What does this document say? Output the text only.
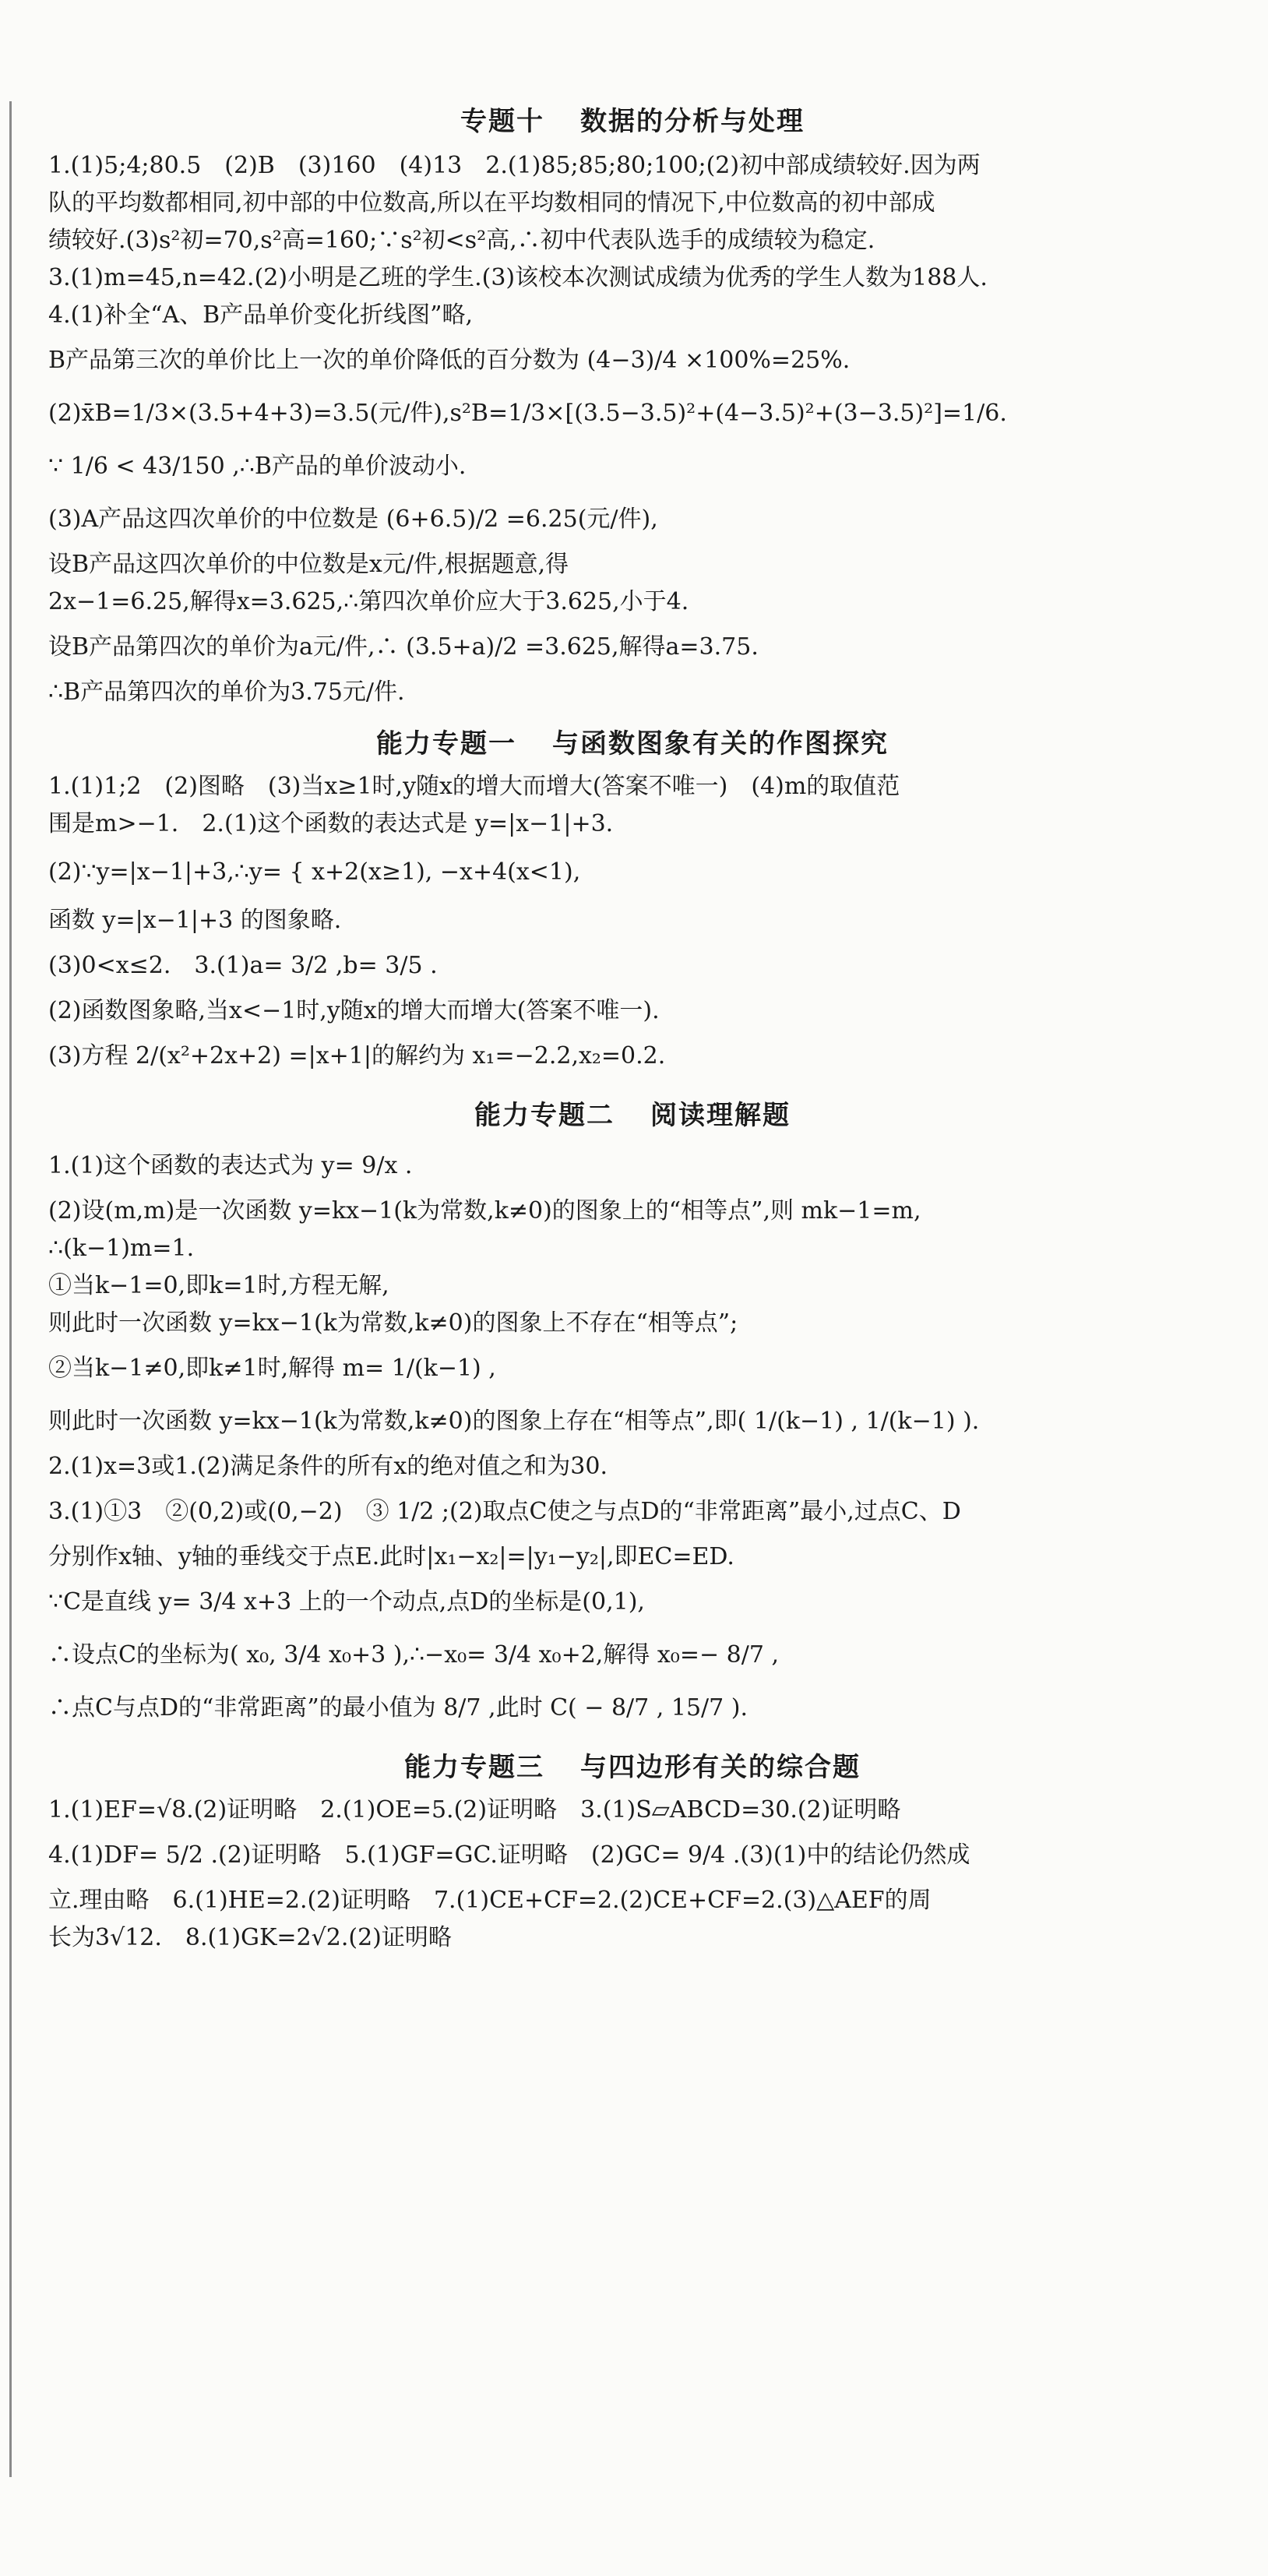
专题十 数据的分析与处理
1.(1)5;4;80.5　(2)B　(3)160　(4)13　2.(1)85;85;80;100;(2)初中部成绩较好.因为两
队的平均数都相同,初中部的中位数高,所以在平均数相同的情况下,中位数高的初中部成
绩较好.(3)s²初=70,s²高=160;∵s²初<s²高,∴初中代表队选手的成绩较为稳定.
3.(1)m=45,n=42.(2)小明是乙班的学生.(3)该校本次测试成绩为优秀的学生人数为188人.
4.(1)补全“A、B产品单价变化折线图”略,
B产品第三次的单价比上一次的单价降低的百分数为 (4−3)/4 ×100%=25%.
(2)x̄B=1/3×(3.5+4+3)=3.5(元/件),s²B=1/3×[(3.5−3.5)²+(4−3.5)²+(3−3.5)²]=1/6.
∵ 1/6 < 43/150 ,∴B产品的单价波动小.
(3)A产品这四次单价的中位数是 (6+6.5)/2 =6.25(元/件),
设B产品这四次单价的中位数是x元/件,根据题意,得
2x−1=6.25,解得x=3.625,∴第四次单价应大于3.625,小于4.
设B产品第四次的单价为a元/件,∴ (3.5+a)/2 =3.625,解得a=3.75.
∴B产品第四次的单价为3.75元/件.
能力专题一 与函数图象有关的作图探究
1.(1)1;2　(2)图略　(3)当x≥1时,y随x的增大而增大(答案不唯一)　(4)m的取值范
围是m>−1.　2.(1)这个函数的表达式是 y=|x−1|+3.
(2)∵y=|x−1|+3,∴y= { x+2(x≥1), −x+4(x<1),
函数 y=|x−1|+3 的图象略.
(3)0<x≤2.　3.(1)a= 3/2 ,b= 3/5 .
(2)函数图象略,当x<−1时,y随x的增大而增大(答案不唯一).
(3)方程 2/(x²+2x+2) =|x+1|的解约为 x₁=−2.2,x₂=0.2.
能力专题二 阅读理解题
1.(1)这个函数的表达式为 y= 9/x .
(2)设(m,m)是一次函数 y=kx−1(k为常数,k≠0)的图象上的“相等点”,则 mk−1=m,
∴(k−1)m=1.
①当k−1=0,即k=1时,方程无解,
则此时一次函数 y=kx−1(k为常数,k≠0)的图象上不存在“相等点”;
②当k−1≠0,即k≠1时,解得 m= 1/(k−1) ,
则此时一次函数 y=kx−1(k为常数,k≠0)的图象上存在“相等点”,即( 1/(k−1) , 1/(k−1) ).
2.(1)x=3或1.(2)满足条件的所有x的绝对值之和为30.
3.(1)①3　②(0,2)或(0,−2)　③ 1/2 ;(2)取点C使之与点D的“非常距离”最小,过点C、D
分别作x轴、y轴的垂线交于点E.此时|x₁−x₂|=|y₁−y₂|,即EC=ED.
∵C是直线 y= 3/4 x+3 上的一个动点,点D的坐标是(0,1),
∴设点C的坐标为( x₀, 3/4 x₀+3 ),∴−x₀= 3/4 x₀+2,解得 x₀=− 8/7 ,
∴点C与点D的“非常距离”的最小值为 8/7 ,此时 C( − 8/7 , 15/7 ).
能力专题三 与四边形有关的综合题
1.(1)EF=√8.(2)证明略　2.(1)OE=5.(2)证明略　3.(1)S▱ABCD=30.(2)证明略
4.(1)DF= 5/2 .(2)证明略　5.(1)GF=GC.证明略　(2)GC= 9/4 .(3)(1)中的结论仍然成
立.理由略　6.(1)HE=2.(2)证明略　7.(1)CE+CF=2.(2)CE+CF=2.(3)△AEF的周
长为3√12.　8.(1)GK=2√2.(2)证明略
